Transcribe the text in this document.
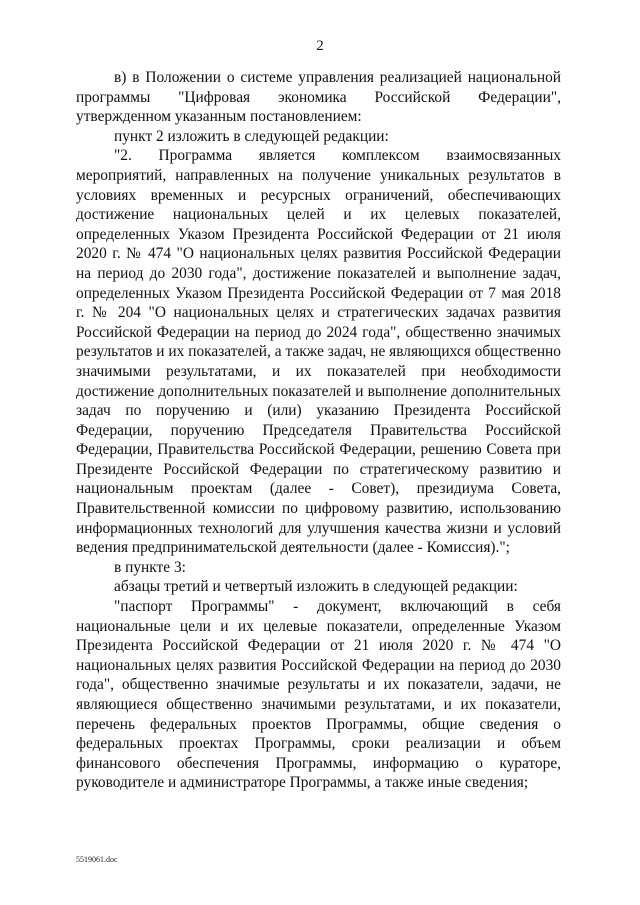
2

в) в Положении о системе управления реализацией национальной программы "Цифровая экономика Российской Федерации", утвержденном указанным постановлением:

пункт 2 изложить в следующей редакции:

"2. Программа является комплексом взаимосвязанных мероприятий, направленных на получение уникальных результатов в условиях временных и ресурсных ограничений, обеспечивающих достижение национальных целей и их целевых показателей, определенных Указом Президента Российской Федерации от 21 июля 2020 г. № 474 "О национальных целях развития Российской Федерации на период до 2030 года", достижение показателей и выполнение задач, определенных Указом Президента Российской Федерации от 7 мая 2018 г. № 204 "О национальных целях и стратегических задачах развития Российской Федерации на период до 2024 года", общественно значимых результатов и их показателей, а также задач, не являющихся общественно значимыми результатами, и их показателей при необходимости достижение дополнительных показателей и выполнение дополнительных задач по поручению и (или) указанию Президента Российской Федерации, поручению Председателя Правительства Российской Федерации, Правительства Российской Федерации, решению Совета при Президенте Российской Федерации по стратегическому развитию и национальным проектам (далее - Совет), президиума Совета, Правительственной комиссии по цифровому развитию, использованию информационных технологий для улучшения качества жизни и условий ведения предпринимательской деятельности (далее - Комиссия).";

в пункте 3:

абзацы третий и четвертый изложить в следующей редакции:

"паспорт Программы" - документ, включающий в себя национальные цели и их целевые показатели, определенные Указом Президента Российской Федерации от 21 июля 2020 г. № 474 "О национальных целях развития Российской Федерации на период до 2030 года", общественно значимые результаты и их показатели, задачи, не являющиеся общественно значимыми результатами, и их показатели, перечень федеральных проектов Программы, общие сведения о федеральных проектах Программы, сроки реализации и объем финансового обеспечения Программы, информацию о кураторе, руководителе и администраторе Программы, а также иные сведения;

5519061.doc
